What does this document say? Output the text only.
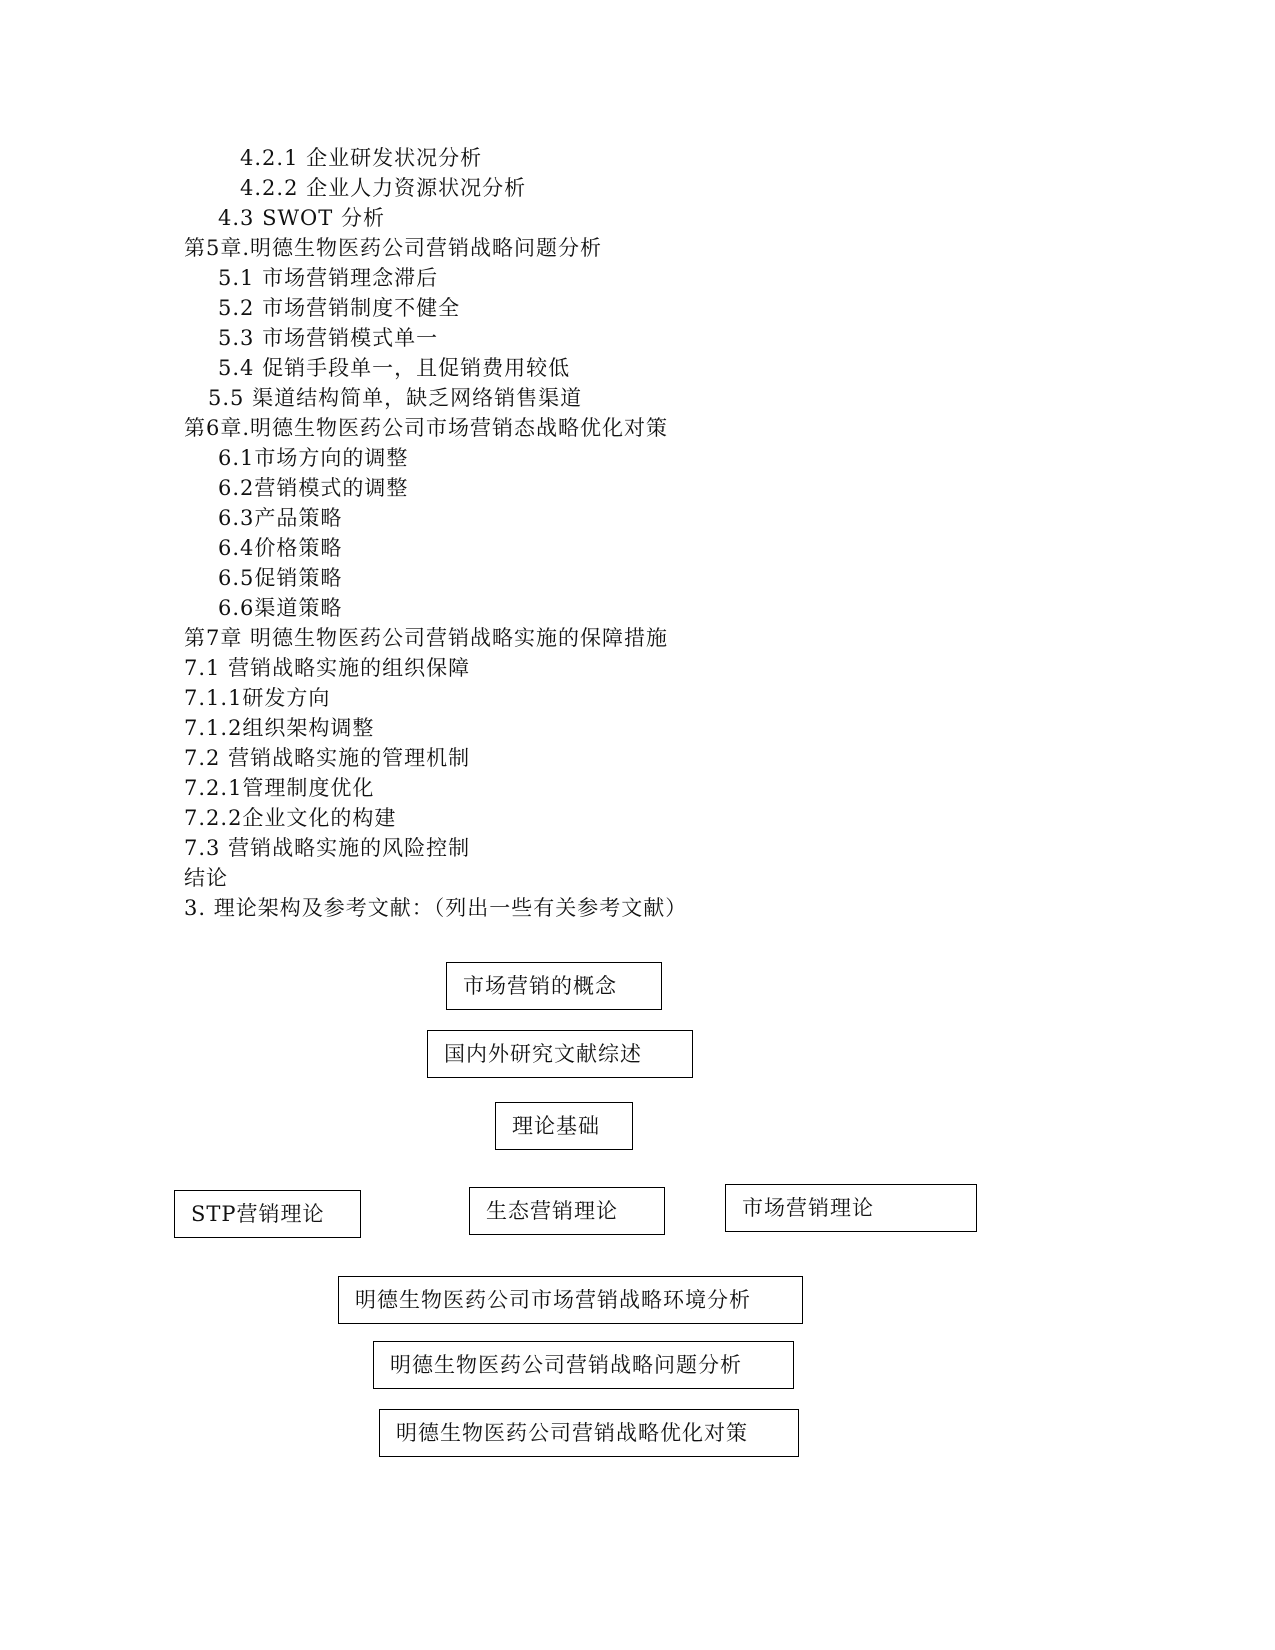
4.2.1 企业研发状况分析
4.2.2 企业人力资源状况分析
4.3 SWOT 分析
第5章.明德生物医药公司营销战略问题分析
5.1 市场营销理念滞后
5.2 市场营销制度不健全
5.3 市场营销模式单一
5.4 促销手段单一，且促销费用较低
5.5 渠道结构简单，缺乏网络销售渠道
第6章.明德生物医药公司市场营销态战略优化对策
6.1市场方向的调整
6.2营销模式的调整
6.3产品策略
6.4价格策略
6.5促销策略
6.6渠道策略
第7章 明德生物医药公司营销战略实施的保障措施
7.1 营销战略实施的组织保障
7.1.1研发方向
7.1.2组织架构调整
7.2 营销战略实施的管理机制
7.2.1管理制度优化
7.2.2企业文化的构建
7.3 营销战略实施的风险控制
结论
3. 理论架构及参考文献：（列出一些有关参考文献）
市场营销的概念
国内外研究文献综述
理论基础
STP营销理论	生态营销理论	市场营销理论
明德生物医药公司市场营销战略环境分析
明德生物医药公司营销战略问题分析
明德生物医药公司营销战略优化对策
